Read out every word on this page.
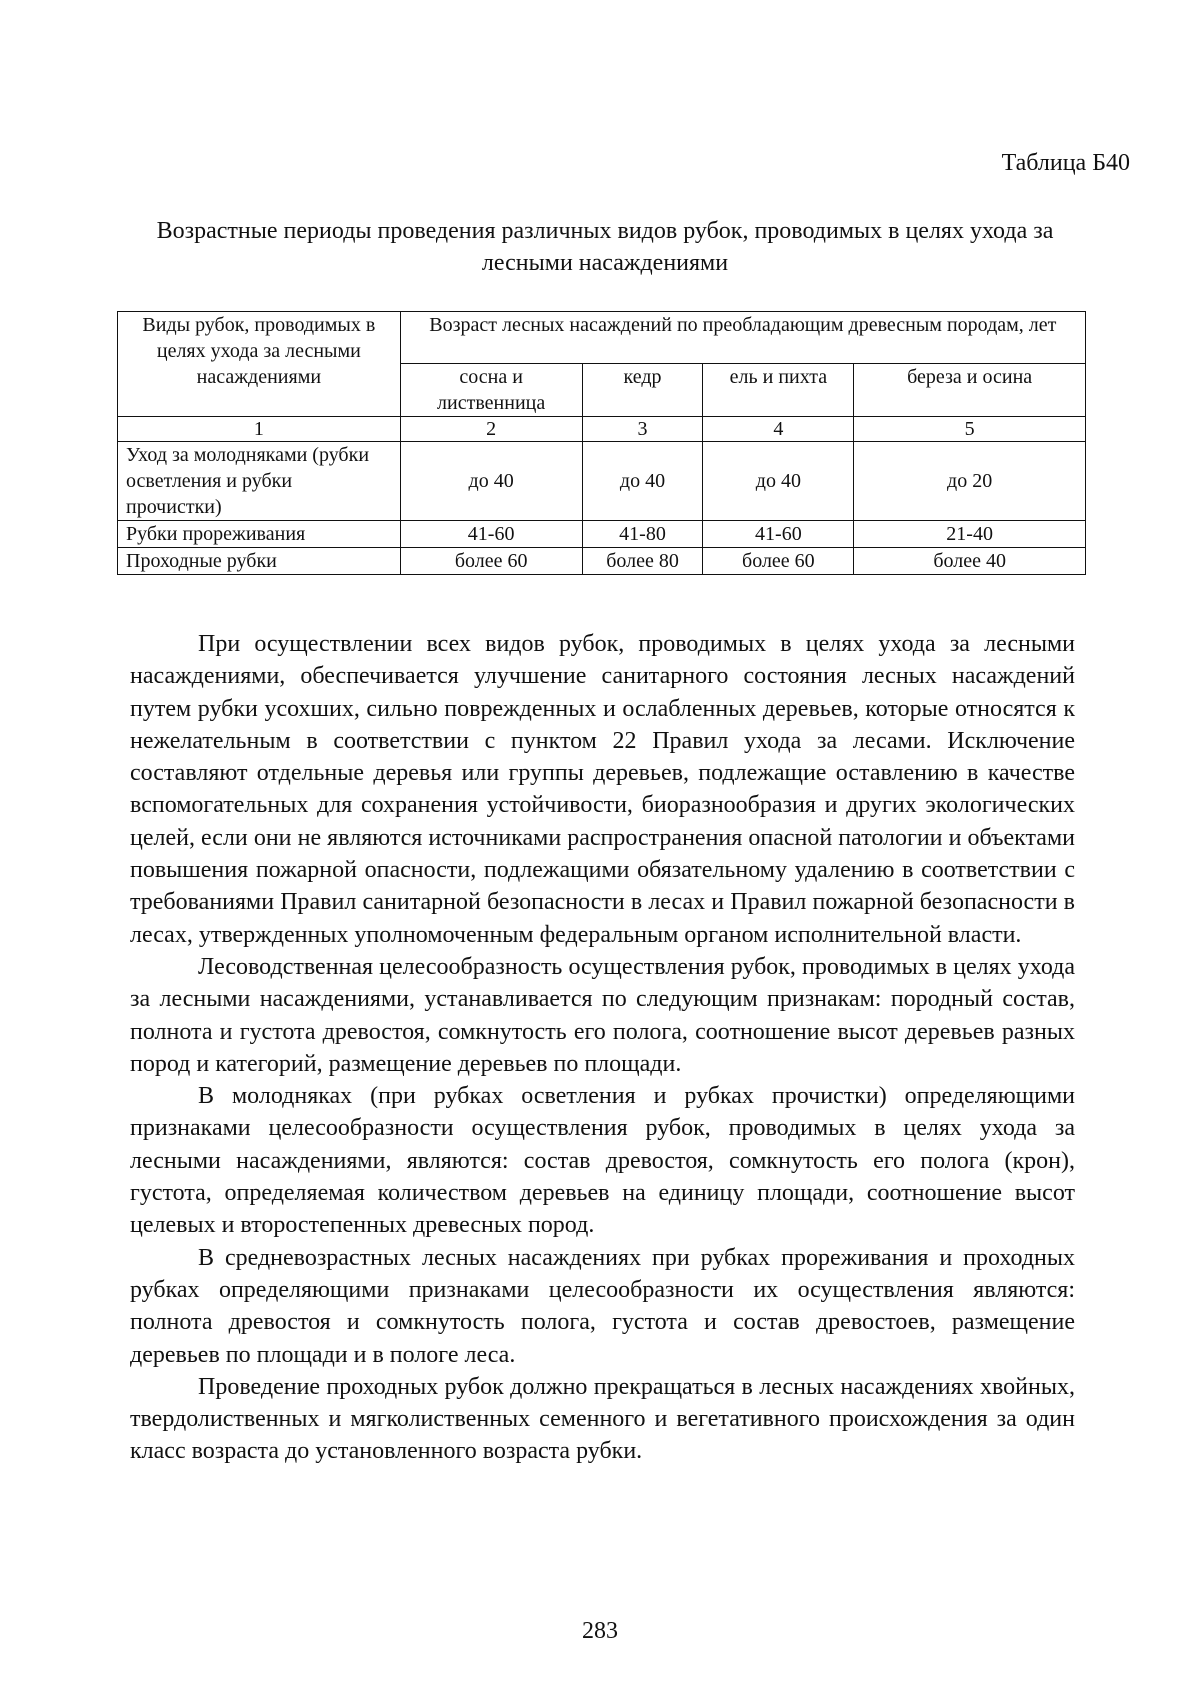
Таблица Б40
Возрастные периоды проведения различных видов рубок, проводимых в целях ухода за лесными насаждениями
Виды рубок, проводимых в целях ухода за лесными насаждениями	Возраст лесных насаждений по преобладающим древесным породам, лет			
	сосна и лиственница	кедр	ель и пихта	береза и осина
1	2	3	4	5
Уход за молодняками (рубки осветления и рубки прочистки)	до 40	до 40	до 40	до 20
Рубки прореживания	41-60	41-80	41-60	21-40
Проходные рубки	более 60	более 80	более 60	более 40

При осуществлении всех видов рубок, проводимых в целях ухода за лесными насаждениями, обеспечивается улучшение санитарного состояния лесных насаждений путем рубки усохших, сильно поврежденных и ослабленных деревьев, которые относятся к нежелательным в соответствии с пунктом 22 Правил ухода за лесами. Исключение составляют отдельные деревья или группы деревьев, подлежащие оставлению в качестве вспомогательных для сохранения устойчивости, биоразнообразия и других экологических целей, если они не являются источниками распространения опасной патологии и объектами повышения пожарной опасности, подлежащими обязательному удалению в соответствии с требованиями Правил санитарной безопасности в лесах и Правил пожарной безопасности в лесах, утвержденных уполномоченным федеральным органом исполнительной власти.

Лесоводственная целесообразность осуществления рубок, проводимых в целях ухода за лесными насаждениями, устанавливается по следующим признакам: породный состав, полнота и густота древостоя, сомкнутость его полога, соотношение высот деревьев разных пород и категорий, размещение деревьев по площади.

В молодняках (при рубках осветления и рубках прочистки) определяющими признаками целесообразности осуществления рубок, проводимых в целях ухода за лесными насаждениями, являются: состав древостоя, сомкнутость его полога (крон), густота, определяемая количеством деревьев на единицу площади, соотношение высот целевых и второстепенных древесных пород.

В средневозрастных лесных насаждениях при рубках прореживания и проходных рубках определяющими признаками целесообразности их осуществления являются: полнота древостоя и сомкнутость полога, густота и состав древостоев, размещение деревьев по площади и в пологе леса.

Проведение проходных рубок должно прекращаться в лесных насаждениях хвойных, твердолиственных и мягколиственных семенного и вегетативного происхождения за один класс возраста до установленного возраста рубки.

283
